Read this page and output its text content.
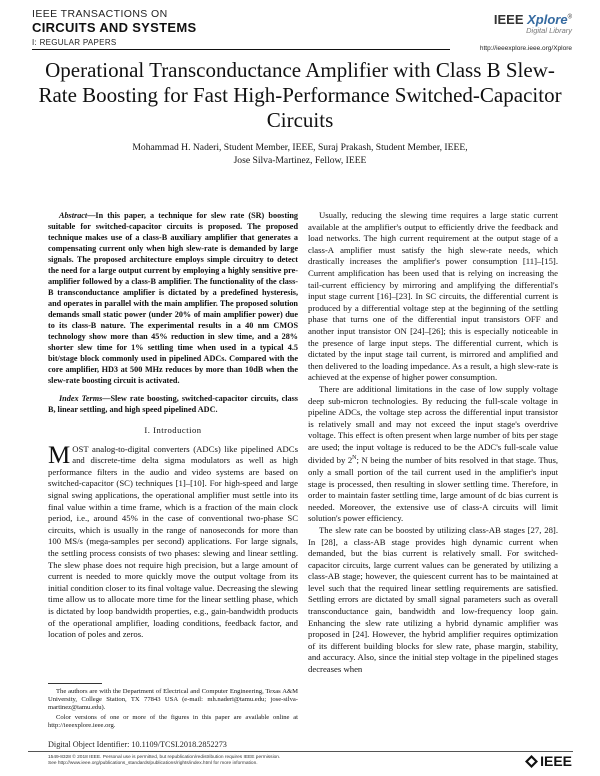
IEEE TRANSACTIONS ON
CIRCUITS AND SYSTEMS
I: REGULAR PAPERS
IEEE Xplore®
Digital Library
http://ieeexplore.ieee.org/Xplore
Operational Transconductance Amplifier with Class B Slew-Rate Boosting for Fast High-Performance Switched-Capacitor Circuits
Mohammad H. Naderi, Student Member, IEEE, Suraj Prakash, Student Member, IEEE,
Jose Silva-Martinez, Fellow, IEEE

Abstract—In this paper, a technique for slew rate (SR) boosting suitable for switched-capacitor circuits is proposed. The proposed technique makes use of a class-B auxiliary amplifier that generates a compensating current only when high slew-rate is demanded by large signals. The proposed architecture employs simple circuitry to detect the need for a large output current by employing a highly sensitive pre-amplifier followed by a class-B amplifier. The functionality of the class-B transconductance amplifier is dictated by a predefined hysteresis, and operates in parallel with the main amplifier. The proposed solution demands small static power (under 20% of main amplifier power) due to its class-B nature. The experimental results in a 40 nm CMOS technology show more than 45% reduction in slew time, and a 28% shorter slew time for 1% settling time when used in a typical 4.5 bit/stage block commonly used in pipelined ADCs. Compared with the core amplifier, HD3 at 500 MHz reduces by more than 10dB when the slew-rate boosting circuit is activated.

Index Terms—Slew rate boosting, switched-capacitor circuits, class B, linear settling, and high speed pipelined ADC.

I. Introduction

MOST analog-to-digital converters (ADCs) like pipelined ADCs and discrete-time delta sigma modulators as well as high performance filters in the audio and video systems are based on switched-capacitor (SC) techniques [1]–[10]. For high-speed and large signal swing applications, the operational amplifier must settle into its final value within a time frame, which is a fraction of the main clock period, i.e., around 45% in the case of conventional two-phase SC circuits, which is usually in the range of nanoseconds for more than 100 MS/s (mega-samples per second) applications. For large signals, the settling process consists of two phases: slewing and linear settling. The slew phase does not require high precision, but a large amount of current is needed to more quickly move the output voltage from its initial condition closer to its final voltage value. Decreasing the slewing time allow us to allocate more time for the linear settling phase, which is dictated by loop bandwidth properties, e.g., gain-bandwidth products of the operational amplifier, loading conditions, feedback factor, and location of poles and zeros.

Usually, reducing the slewing time requires a large static current available at the amplifier's output to efficiently drive the feedback and load networks. The high current requirement at the output stage of a class-A amplifier must satisfy the high slew-rate needs, which drastically increases the amplifier's power consumption [11]–[15]. Current amplification has been used that is relying on increasing the tail-current efficiency by mirroring and amplifying the differential's input stage current [16]–[23]. In SC circuits, the differential current is produced by a differential voltage step at the beginning of the settling phase that turns one of the differential input transistors OFF and another input transistor ON [24]–[26]; this is especially noticeable in the presence of large input steps. The differential current, which is dictated by the input stage tail current, is mirrored and amplified and then delivered to the loading impedance. As a result, a high slew-rate is achieved at the expense of higher power consumption.

There are additional limitations in the case of low supply voltage deep sub-micron technologies. By reducing the full-scale voltage in pipeline ADCs, the voltage step across the differential input transistor is relatively small and may not exceed the input stage's overdrive voltage. This effect is often present when large number of bits per stage are used; the input voltage is reduced to be the ADC's full-scale value divided by $2^N$; N being the number of bits resolved in that stage. Thus, only a small portion of the tail current used in the amplifier's input stage is processed, then resulting in slower settling time. Therefore, in order to maintain faster settling time, large amount of dc bias current is needed. Moreover, the extensive use of class-A circuits will limit solution's power efficiency.

The slew rate can be boosted by utilizing class-AB stages [27, 28]. In [28], a class-AB stage provides high dynamic current when demanded, but the bias current is relatively small. For switched-capacitor circuits, large current values can be generated by utilizing a class-AB stage; however, the quiescent current has to be maintained at level such that the required linear settling requirements are satisfied. Settling errors are dictated by small signal parameters such as overall transconductance gain, bandwidth and low-frequency loop gain. Enhancing the slew rate utilizing a hybrid dynamic amplifier was proposed in [24]. However, the hybrid amplifier requires optimization of its different building blocks for slew rate, phase margin, stability, and accuracy. Also, since the initial step voltage in the pipelined stages decreases when

The authors are with the Department of Electrical and Computer Engineering, Texas A&M University, College Station, TX 77843 USA (e-mail: mh.naderi@tamu.edu; jose-silva-martinez@tamu.edu).

Color versions of one or more of the figures in this paper are available online at http://ieeexplore.ieee.org.

Digital Object Identifier: 10.1109/TCSI.2018.2852273
1549-8328 © 2018 IEEE. Personal use is permitted, but republication/redistribution requires IEEE permission.
See http://www.ieee.org/publications_standards/publications/rights/index.html for more information.	IEEE
